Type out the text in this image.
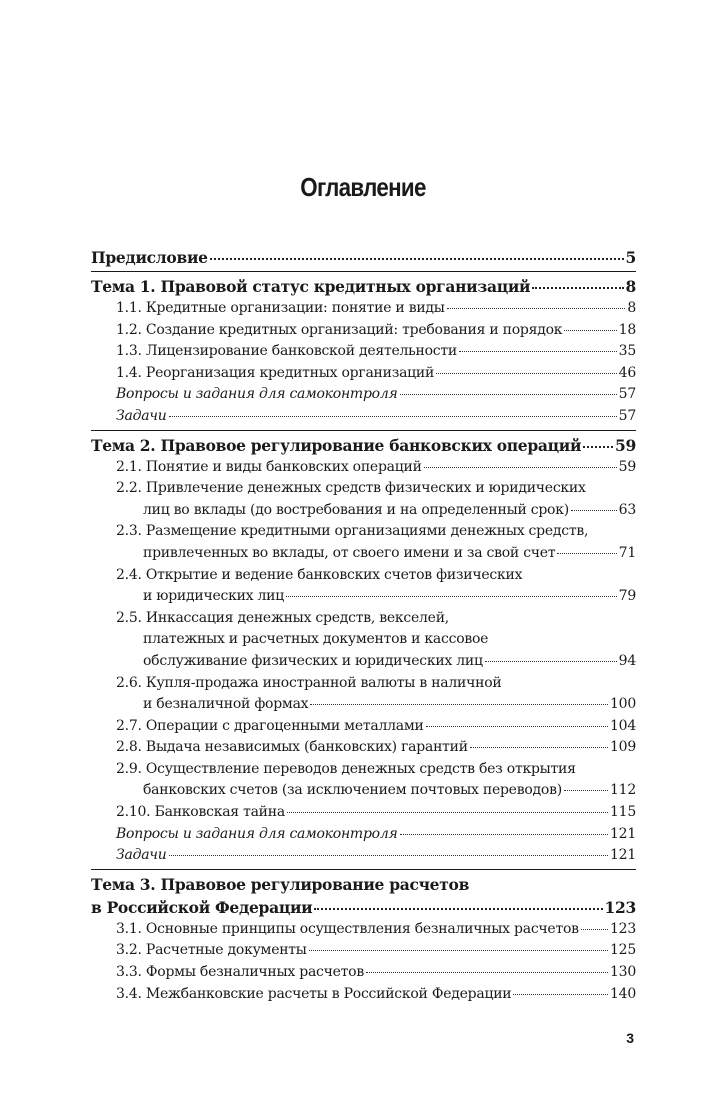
Оглавление
Предисловие	5
Тема 1. Правовой статус кредитных организаций	8
1.1. Кредитные организации: понятие и виды	8
1.2. Создание кредитных организаций: требования и порядок	18
1.3. Лицензирование банковской деятельности	35
1.4. Реорганизация кредитных организаций	46
Вопросы и задания для самоконтроля	57
Задачи	57
Тема 2. Правовое регулирование банковских операций 59
2.1. Понятие и виды банковских операций	59
2.2. Привлечение денежных средств физических и юридических
лиц во вклады (до востребования и на определенный срок)	63
2.3. Размещение кредитными организациями денежных средств,
привлеченных во вклады, от своего имени и за свой счет	71
2.4. Открытие и ведение банковских счетов физических
и юридических лиц	79
2.5. Инкассация денежных средств, векселей,
платежных и расчетных документов и кассовое
обслуживание физических и юридических лиц	94
2.6. Купля-продажа иностранной валюты в наличной
и безналичной формах	100
2.7. Операции с драгоценными металлами	104
2.8. Выдача независимых (банковских) гарантий	109
2.9. Осуществление переводов денежных средств без открытия
банковских счетов (за исключением почтовых переводов)	112
2.10. Банковская тайна	115
Вопросы и задания для самоконтроля	121
Задачи	121
Тема 3. Правовое регулирование расчетов
в Российской Федерации	123
3.1. Основные принципы осуществления безналичных расчетов 123
3.2. Расчетные документы	125
3.3. Формы безналичных расчетов	130
3.4. Межбанковские расчеты в Российской Федерации	140
3
